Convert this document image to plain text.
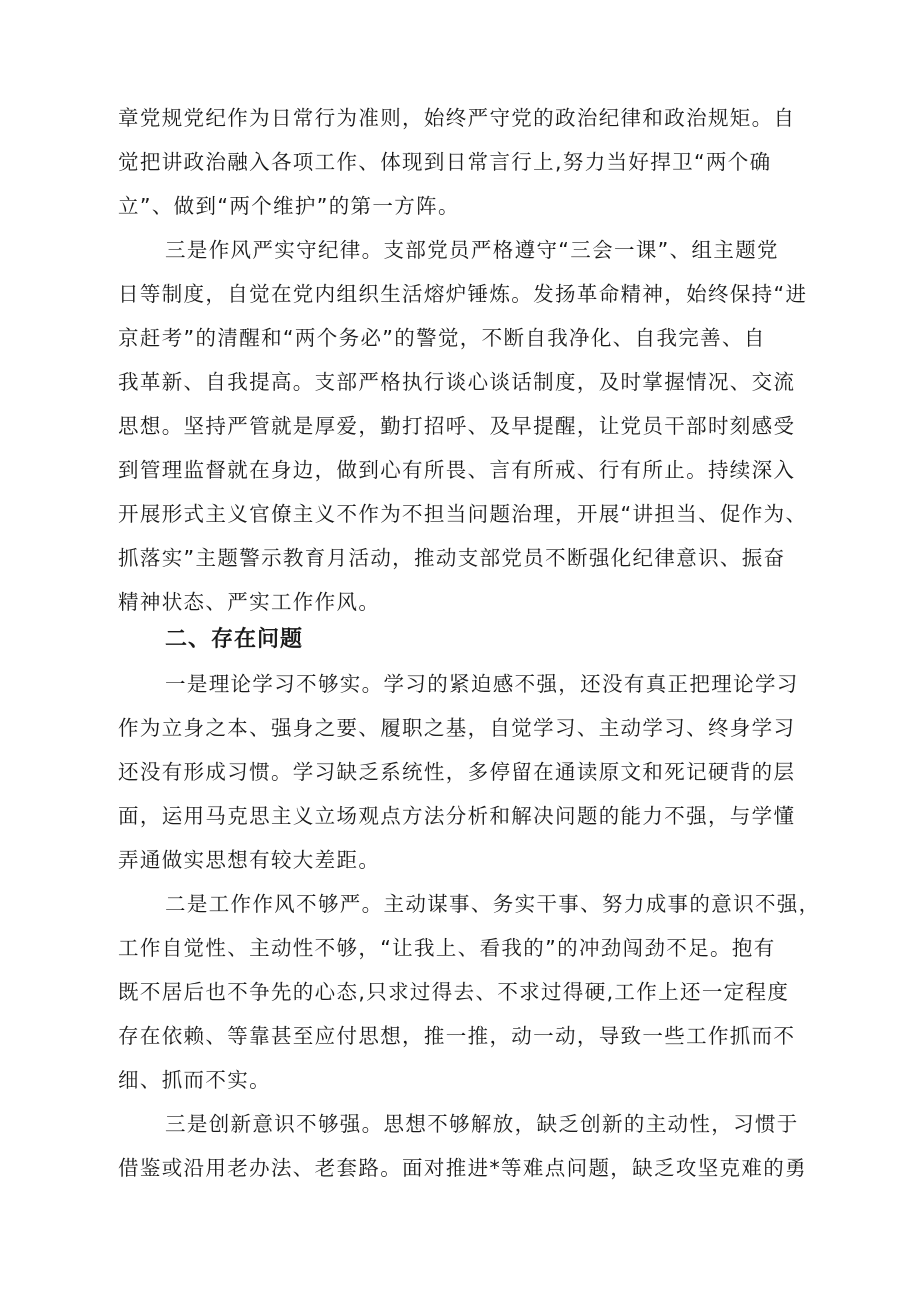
章党规党纪作为日常行为准则，始终严守党的政治纪律和政治规矩。自
觉把讲政治融入各项工作、体现到日常言行上,努力当好捍卫“两个确
立”、做到“两个维护”的第一方阵。
三是作风严实守纪律。支部党员严格遵守“三会一课”、组主题党
日等制度，自觉在党内组织生活熔炉锤炼。发扬革命精神，始终保持“进
京赶考”的清醒和“两个务必”的警觉，不断自我净化、自我完善、自
我革新、自我提高。支部严格执行谈心谈话制度，及时掌握情况、交流
思想。坚持严管就是厚爱，勤打招呼、及早提醒，让党员干部时刻感受
到管理监督就在身边，做到心有所畏、言有所戒、行有所止。持续深入
开展形式主义官僚主义不作为不担当问题治理，开展“讲担当、促作为、
抓落实”主题警示教育月活动，推动支部党员不断强化纪律意识、振奋
精神状态、严实工作作风。
二、存在问题
一是理论学习不够实。学习的紧迫感不强，还没有真正把理论学习
作为立身之本、强身之要、履职之基，自觉学习、主动学习、终身学习
还没有形成习惯。学习缺乏系统性，多停留在通读原文和死记硬背的层
面，运用马克思主义立场观点方法分析和解决问题的能力不强，与学懂
弄通做实思想有较大差距。
二是工作作风不够严。主动谋事、务实干事、努力成事的意识不强，
工作自觉性、主动性不够，“让我上、看我的”的冲劲闯劲不足。抱有
既不居后也不争先的心态,只求过得去、不求过得硬,工作上还一定程度
存在依赖、等靠甚至应付思想，推一推，动一动，导致一些工作抓而不
细、抓而不实。
三是创新意识不够强。思想不够解放，缺乏创新的主动性，习惯于
借鉴或沿用老办法、老套路。面对推进*等难点问题，缺乏攻坚克难的勇
